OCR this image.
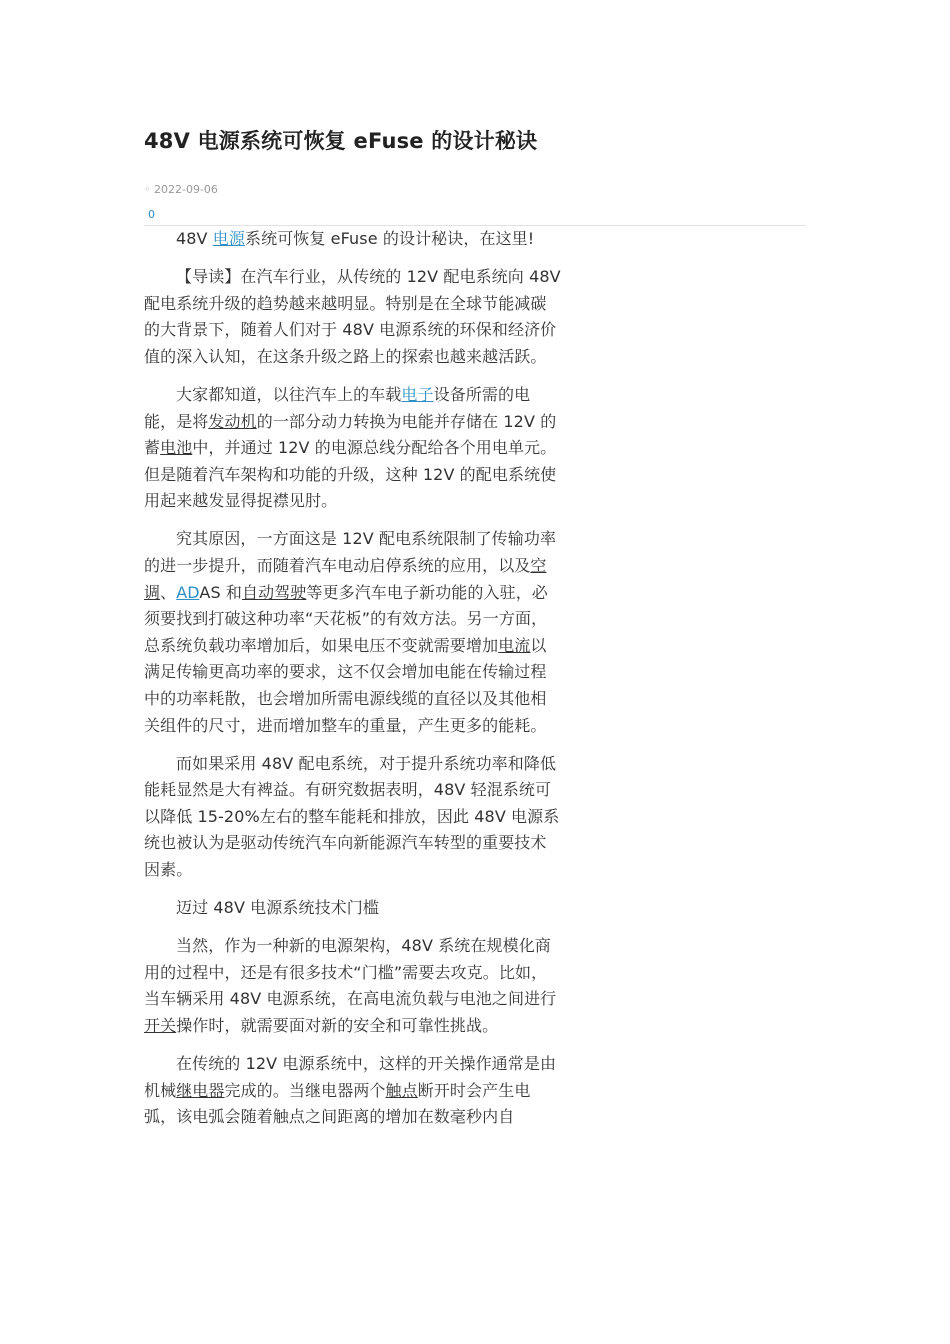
48V 电源系统可恢复 eFuse 的设计秘诀
◦ 2022-09-06
0

48V 电源系统可恢复 eFuse 的设计秘诀，在这里!

【导读】在汽车行业，从传统的 12V 配电系统向 48V 配电系统升级的趋势越来越明显。特别是在全球节能减碳的大背景下，随着人们对于 48V 电源系统的环保和经济价值的深入认知，在这条升级之路上的探索也越来越活跃。

大家都知道，以往汽车上的车载电子设备所需的电能，是将发动机的一部分动力转换为电能并存储在 12V 的蓄电池中，并通过 12V 的电源总线分配给各个用电单元。但是随着汽车架构和功能的升级，这种 12V 的配电系统使用起来越发显得捉襟见肘。

究其原因，一方面这是 12V 配电系统限制了传输功率的进一步提升，而随着汽车电动启停系统的应用，以及空调、ADAS 和自动驾驶等更多汽车电子新功能的入驻，必须要找到打破这种功率“天花板”的有效方法。另一方面，总系统负载功率增加后，如果电压不变就需要增加电流以满足传输更高功率的要求，这不仅会增加电能在传输过程中的功率耗散，也会增加所需电源线缆的直径以及其他相关组件的尺寸，进而增加整车的重量，产生更多的能耗。

而如果采用 48V 配电系统，对于提升系统功率和降低能耗显然是大有裨益。有研究数据表明，48V 轻混系统可以降低 15-20%左右的整车能耗和排放，因此 48V 电源系统也被认为是驱动传统汽车向新能源汽车转型的重要技术因素。

迈过 48V 电源系统技术门槛

当然，作为一种新的电源架构，48V 系统在规模化商用的过程中，还是有很多技术“门槛”需要去攻克。比如，当车辆采用 48V 电源系统，在高电流负载与电池之间进行开关操作时，就需要面对新的安全和可靠性挑战。

在传统的 12V 电源系统中，这样的开关操作通常是由机械继电器完成的。当继电器两个触点断开时会产生电弧，该电弧会随着触点之间距离的增加在数毫秒内自
